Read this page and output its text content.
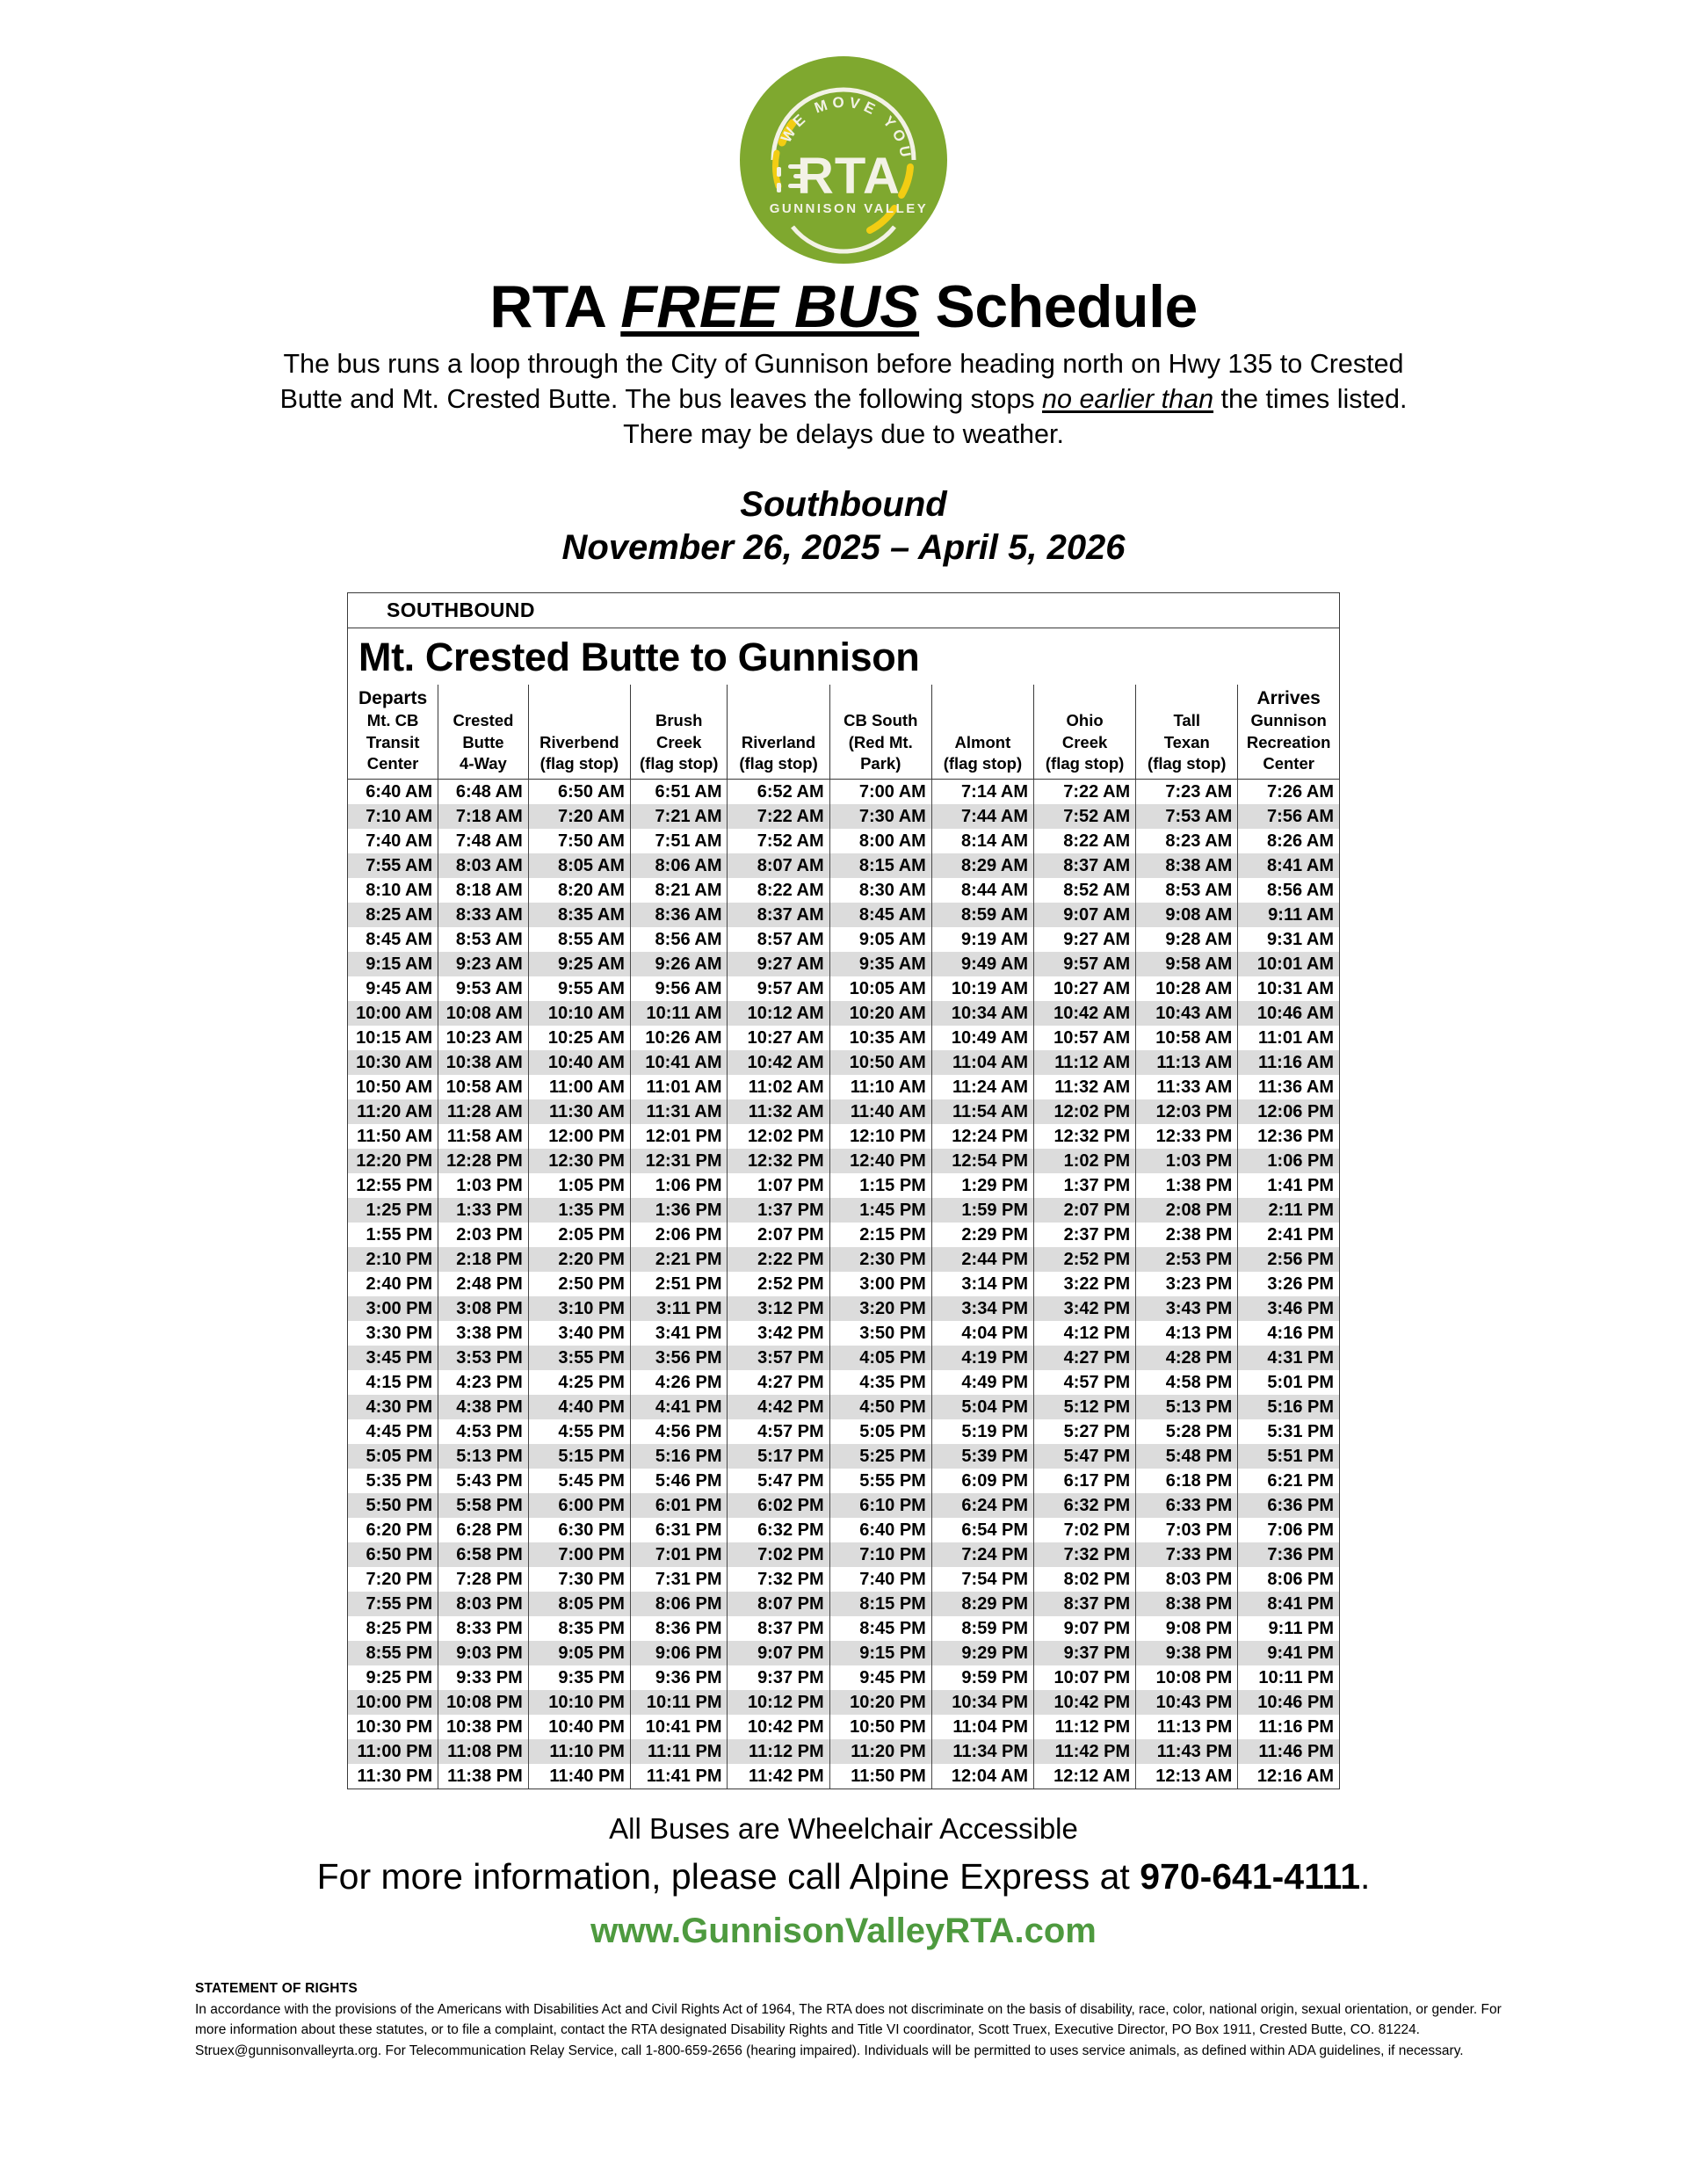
WE MOVE YOU
RTA
GUNNISON VALLEY
RTA FREE BUS Schedule
The bus runs a loop through the City of Gunnison before heading north on Hwy 135 to Crested
Butte and Mt. Crested Butte. The bus leaves the following stops no earlier than the times listed.
There may be delays due to weather.
Southbound
November 26, 2025 – April 5, 2026
SOUTHBOUND
Mt. Crested Butte to Gunnison
Departs
Mt. CB
Transit
Center	Crested
Butte
4-Way	Riverbend
(flag stop)	Brush
Creek
(flag stop)	Riverland
(flag stop)	CB South
(Red Mt.
Park)	Almont
(flag stop)	Ohio
Creek
(flag stop)	Tall
Texan
(flag stop)	Arrives
Gunnison
Recreation
Center

6:40 AM	6:48 AM	6:50 AM	6:51 AM	6:52 AM	7:00 AM	7:14 AM	7:22 AM	7:23 AM	7:26 AM
7:10 AM	7:18 AM	7:20 AM	7:21 AM	7:22 AM	7:30 AM	7:44 AM	7:52 AM	7:53 AM	7:56 AM
7:40 AM	7:48 AM	7:50 AM	7:51 AM	7:52 AM	8:00 AM	8:14 AM	8:22 AM	8:23 AM	8:26 AM
7:55 AM	8:03 AM	8:05 AM	8:06 AM	8:07 AM	8:15 AM	8:29 AM	8:37 AM	8:38 AM	8:41 AM
8:10 AM	8:18 AM	8:20 AM	8:21 AM	8:22 AM	8:30 AM	8:44 AM	8:52 AM	8:53 AM	8:56 AM
8:25 AM	8:33 AM	8:35 AM	8:36 AM	8:37 AM	8:45 AM	8:59 AM	9:07 AM	9:08 AM	9:11 AM
8:45 AM	8:53 AM	8:55 AM	8:56 AM	8:57 AM	9:05 AM	9:19 AM	9:27 AM	9:28 AM	9:31 AM
9:15 AM	9:23 AM	9:25 AM	9:26 AM	9:27 AM	9:35 AM	9:49 AM	9:57 AM	9:58 AM	10:01 AM
9:45 AM	9:53 AM	9:55 AM	9:56 AM	9:57 AM	10:05 AM	10:19 AM	10:27 AM	10:28 AM	10:31 AM
10:00 AM	10:08 AM	10:10 AM	10:11 AM	10:12 AM	10:20 AM	10:34 AM	10:42 AM	10:43 AM	10:46 AM
10:15 AM	10:23 AM	10:25 AM	10:26 AM	10:27 AM	10:35 AM	10:49 AM	10:57 AM	10:58 AM	11:01 AM
10:30 AM	10:38 AM	10:40 AM	10:41 AM	10:42 AM	10:50 AM	11:04 AM	11:12 AM	11:13 AM	11:16 AM
10:50 AM	10:58 AM	11:00 AM	11:01 AM	11:02 AM	11:10 AM	11:24 AM	11:32 AM	11:33 AM	11:36 AM
11:20 AM	11:28 AM	11:30 AM	11:31 AM	11:32 AM	11:40 AM	11:54 AM	12:02 PM	12:03 PM	12:06 PM
11:50 AM	11:58 AM	12:00 PM	12:01 PM	12:02 PM	12:10 PM	12:24 PM	12:32 PM	12:33 PM	12:36 PM
12:20 PM	12:28 PM	12:30 PM	12:31 PM	12:32 PM	12:40 PM	12:54 PM	1:02 PM	1:03 PM	1:06 PM
12:55 PM	1:03 PM	1:05 PM	1:06 PM	1:07 PM	1:15 PM	1:29 PM	1:37 PM	1:38 PM	1:41 PM
1:25 PM	1:33 PM	1:35 PM	1:36 PM	1:37 PM	1:45 PM	1:59 PM	2:07 PM	2:08 PM	2:11 PM
1:55 PM	2:03 PM	2:05 PM	2:06 PM	2:07 PM	2:15 PM	2:29 PM	2:37 PM	2:38 PM	2:41 PM
2:10 PM	2:18 PM	2:20 PM	2:21 PM	2:22 PM	2:30 PM	2:44 PM	2:52 PM	2:53 PM	2:56 PM
2:40 PM	2:48 PM	2:50 PM	2:51 PM	2:52 PM	3:00 PM	3:14 PM	3:22 PM	3:23 PM	3:26 PM
3:00 PM	3:08 PM	3:10 PM	3:11 PM	3:12 PM	3:20 PM	3:34 PM	3:42 PM	3:43 PM	3:46 PM
3:30 PM	3:38 PM	3:40 PM	3:41 PM	3:42 PM	3:50 PM	4:04 PM	4:12 PM	4:13 PM	4:16 PM
3:45 PM	3:53 PM	3:55 PM	3:56 PM	3:57 PM	4:05 PM	4:19 PM	4:27 PM	4:28 PM	4:31 PM
4:15 PM	4:23 PM	4:25 PM	4:26 PM	4:27 PM	4:35 PM	4:49 PM	4:57 PM	4:58 PM	5:01 PM
4:30 PM	4:38 PM	4:40 PM	4:41 PM	4:42 PM	4:50 PM	5:04 PM	5:12 PM	5:13 PM	5:16 PM
4:45 PM	4:53 PM	4:55 PM	4:56 PM	4:57 PM	5:05 PM	5:19 PM	5:27 PM	5:28 PM	5:31 PM
5:05 PM	5:13 PM	5:15 PM	5:16 PM	5:17 PM	5:25 PM	5:39 PM	5:47 PM	5:48 PM	5:51 PM
5:35 PM	5:43 PM	5:45 PM	5:46 PM	5:47 PM	5:55 PM	6:09 PM	6:17 PM	6:18 PM	6:21 PM
5:50 PM	5:58 PM	6:00 PM	6:01 PM	6:02 PM	6:10 PM	6:24 PM	6:32 PM	6:33 PM	6:36 PM
6:20 PM	6:28 PM	6:30 PM	6:31 PM	6:32 PM	6:40 PM	6:54 PM	7:02 PM	7:03 PM	7:06 PM
6:50 PM	6:58 PM	7:00 PM	7:01 PM	7:02 PM	7:10 PM	7:24 PM	7:32 PM	7:33 PM	7:36 PM
7:20 PM	7:28 PM	7:30 PM	7:31 PM	7:32 PM	7:40 PM	7:54 PM	8:02 PM	8:03 PM	8:06 PM
7:55 PM	8:03 PM	8:05 PM	8:06 PM	8:07 PM	8:15 PM	8:29 PM	8:37 PM	8:38 PM	8:41 PM
8:25 PM	8:33 PM	8:35 PM	8:36 PM	8:37 PM	8:45 PM	8:59 PM	9:07 PM	9:08 PM	9:11 PM
8:55 PM	9:03 PM	9:05 PM	9:06 PM	9:07 PM	9:15 PM	9:29 PM	9:37 PM	9:38 PM	9:41 PM
9:25 PM	9:33 PM	9:35 PM	9:36 PM	9:37 PM	9:45 PM	9:59 PM	10:07 PM	10:08 PM	10:11 PM
10:00 PM	10:08 PM	10:10 PM	10:11 PM	10:12 PM	10:20 PM	10:34 PM	10:42 PM	10:43 PM	10:46 PM
10:30 PM	10:38 PM	10:40 PM	10:41 PM	10:42 PM	10:50 PM	11:04 PM	11:12 PM	11:13 PM	11:16 PM
11:00 PM	11:08 PM	11:10 PM	11:11 PM	11:12 PM	11:20 PM	11:34 PM	11:42 PM	11:43 PM	11:46 PM
11:30 PM	11:38 PM	11:40 PM	11:41 PM	11:42 PM	11:50 PM	12:04 AM	12:12 AM	12:13 AM	12:16 AM
All Buses are Wheelchair Accessible
For more information, please call Alpine Express at 970-641-4111.
www.GunnisonValleyRTA.com
STATEMENT OF RIGHTS
In accordance with the provisions of the Americans with Disabilities Act and Civil Rights Act of 1964, The RTA does not discriminate on the basis of disability, race, color, national origin, sexual orientation, or gender. For more information about these statutes, or to file a complaint, contact the RTA designated Disability Rights and Title VI coordinator, Scott Truex, Executive Director, PO Box 1911, Crested Butte, CO. 81224. Struex@gunnisonvalleyrta.org. For Telecommunication Relay Service, call 1-800-659-2656 (hearing impaired). Individuals will be permitted to uses service animals, as defined within ADA guidelines, if necessary.
